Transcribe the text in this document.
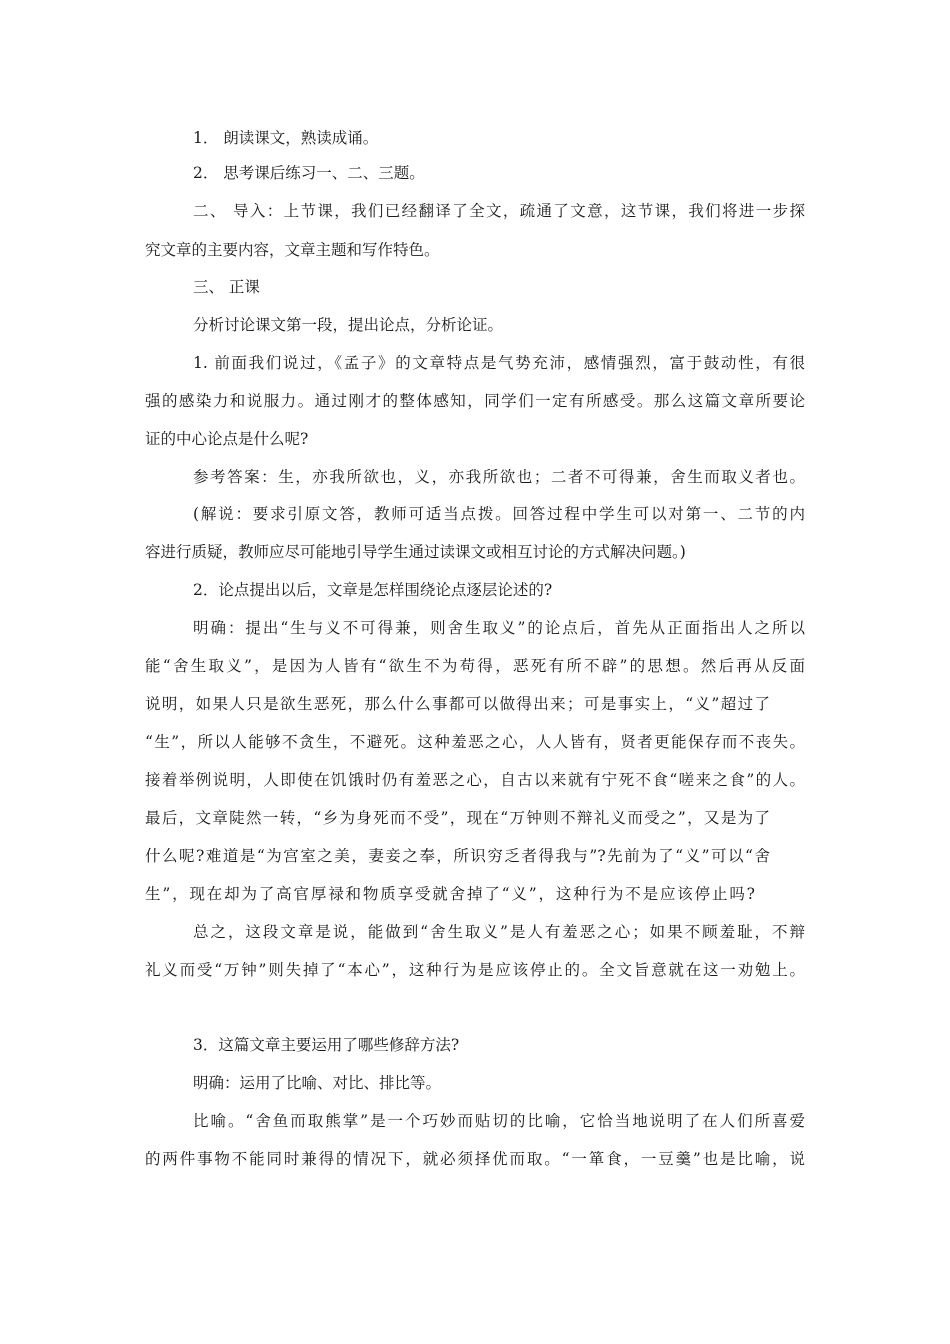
1． 朗读课文，熟读成诵。
2． 思考课后练习一、二、三题。
二、 导入：上节课，我们已经翻译了全文，疏通了文意，这节课，我们将进一步探
究文章的主要内容，文章主题和写作特色。
三、 正课
分析讨论课文第一段，提出论点，分析论证。
1. 前面我们说过，《孟子》的文章特点是气势充沛，感情强烈，富于鼓动性，有很
强的感染力和说服力。通过刚才的整体感知，同学们一定有所感受。那么这篇文章所要论
证的中心论点是什么呢?
参考答案：生，亦我所欲也，义，亦我所欲也；二者不可得兼，舍生而取义者也。
(解说：要求引原文答，教师可适当点拨。回答过程中学生可以对第一、二节的内
容进行质疑，教师应尽可能地引导学生通过读课文或相互讨论的方式解决问题。)
2．论点提出以后，文章是怎样围绕论点逐层论述的?
明确：提出“生与义不可得兼，则舍生取义”的论点后，首先从正面指出人之所以
能“舍生取义”，是因为人皆有“欲生不为苟得，恶死有所不辟”的思想。然后再从反面
说明，如果人只是欲生恶死，那么什么事都可以做得出来；可是事实上，“义”超过了
“生”，所以人能够不贪生，不避死。这种羞恶之心，人人皆有，贤者更能保存而不丧失。
接着举例说明，人即使在饥饿时仍有羞恶之心，自古以来就有宁死不食“嗟来之食”的人。
最后，文章陡然一转，“乡为身死而不受”，现在“万钟则不辩礼义而受之”，又是为了
什么呢?难道是“为宫室之美，妻妾之奉，所识穷乏者得我与”?先前为了“义”可以“舍
生”，现在却为了高官厚禄和物质享受就舍掉了“义”，这种行为不是应该停止吗?
总之，这段文章是说，能做到“舍生取义”是人有羞恶之心；如果不顾羞耻，不辩
礼义而受“万钟”则失掉了“本心”，这种行为是应该停止的。全文旨意就在这一劝勉上。
3．这篇文章主要运用了哪些修辞方法?
明确：运用了比喻、对比、排比等。
比喻。“舍鱼而取熊掌”是一个巧妙而贴切的比喻，它恰当地说明了在人们所喜爱
的两件事物不能同时兼得的情况下，就必须择优而取。“一箪食，一豆羹”也是比喻，说
